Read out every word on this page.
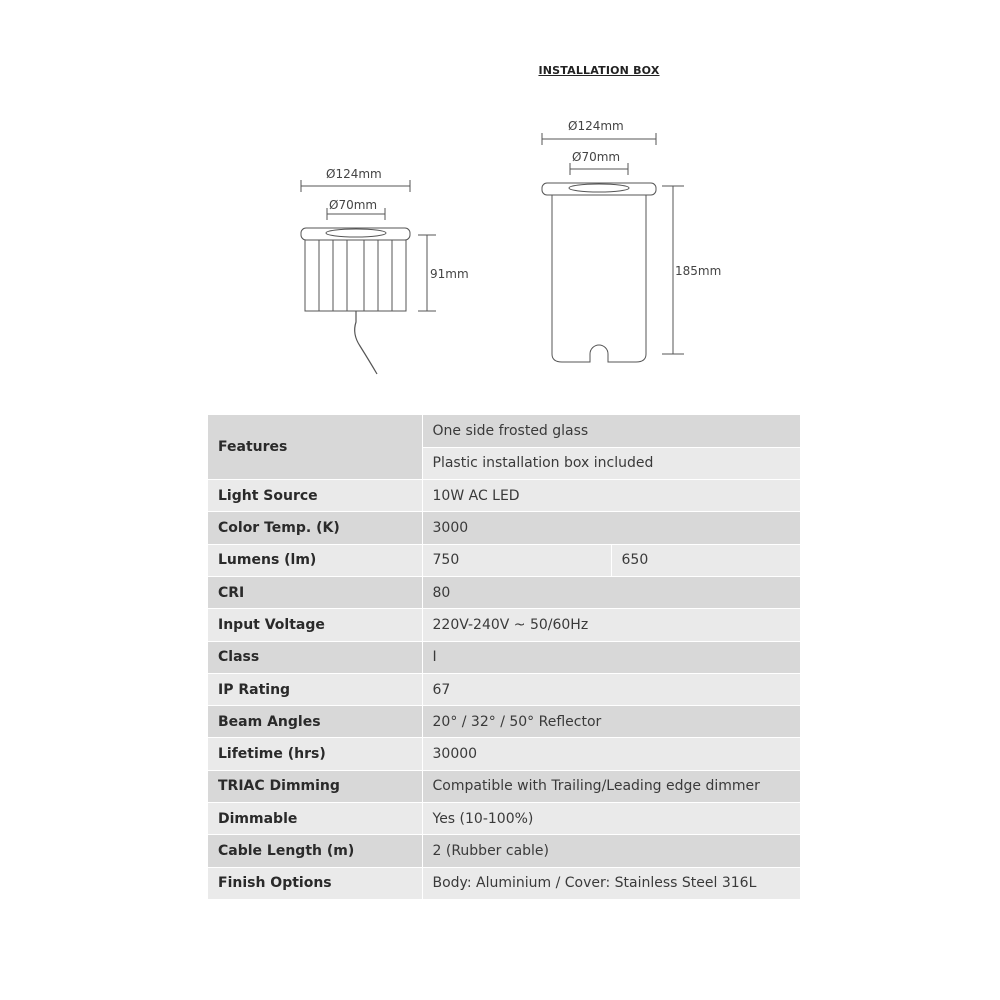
INSTALLATION BOX
Ø124mm
Ø70mm
91mm
Ø124mm
Ø70mm
185mm
Features	One side frosted glass	
	Plastic installation box included	
Light Source	10W AC LED	
Color Temp. (K)	3000	
Lumens (lm)	750	650
CRI	80	
Input Voltage	220V-240V ~ 50/60Hz	
Class	I	
IP Rating	67	
Beam Angles	20° / 32° / 50° Reflector	
Lifetime (hrs)	30000	
TRIAC Dimming	Compatible with Trailing/Leading edge dimmer	
Dimmable	Yes (10-100%)	
Cable Length (m)	2 (Rubber cable)	
Finish Options	Body: Aluminium / Cover: Stainless Steel 316L	
